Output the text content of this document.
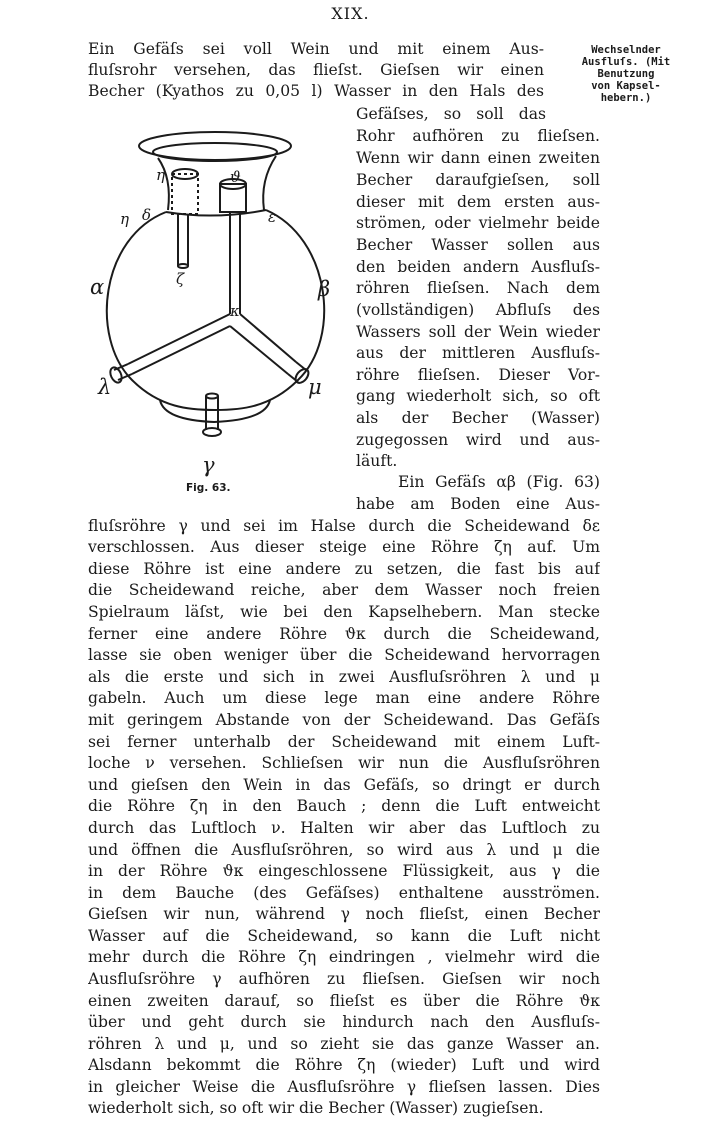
XIX.
Wechselnder
Ausfluſs. (Mit
Benutzung
von Kapsel-
hebern.)
η	ϑ
η δ	ε
ζ
α	β
κ
λ	μ
γ
Fig. 63.
Ein Gefäſs sei voll Wein und mit einem Aus-
fluſsrohr versehen, das flieſst. Gieſsen wir einen
Becher (Kyathos zu 0,05 l) Wasser in den Hals des
Gefäſses, so soll das
Rohr aufhören zu flieſsen.
Wenn wir dann einen zweiten
Becher daraufgieſsen, soll
dieser mit dem ersten aus-
strömen, oder vielmehr beide
Becher Wasser sollen aus
den beiden andern Ausfluſs-
röhren flieſsen. Nach dem
(vollständigen) Abfluſs des
Wassers soll der Wein wieder
aus der mittleren Ausfluſs-
röhre flieſsen. Dieser Vor-
gang wiederholt sich, so oft
als der Becher (Wasser)
zugegossen wird und aus-
läuft.
Ein Gefäſs αβ (Fig. 63)
habe am Boden eine Aus-
fluſsröhre γ und sei im Halse durch die Scheidewand δε
verschlossen. Aus dieser steige eine Röhre ζη auf. Um
diese Röhre ist eine andere zu setzen, die fast bis auf
die Scheidewand reiche, aber dem Wasser noch freien
Spielraum läſst, wie bei den Kapselhebern. Man stecke
ferner eine andere Röhre ϑκ durch die Scheidewand,
lasse sie oben weniger über die Scheidewand hervorragen
als die erste und sich in zwei Ausfluſsröhren λ und μ
gabeln. Auch um diese lege man eine andere Röhre
mit geringem Abstande von der Scheidewand. Das Gefäſs
sei ferner unterhalb der Scheidewand mit einem Luft-
loche ν versehen. Schlieſsen wir nun die Ausfluſsröhren
und gieſsen den Wein in das Gefäſs, so dringt er durch
die Röhre ζη in den Bauch ; denn die Luft entweicht
durch das Luftloch ν. Halten wir aber das Luftloch zu
und öffnen die Ausfluſsröhren, so wird aus λ und μ die
in der Röhre ϑκ eingeschlossene Flüssigkeit, aus γ die
in dem Bauche (des Gefäſses) enthaltene ausströmen.
Gieſsen wir nun, während γ noch flieſst, einen Becher
Wasser auf die Scheidewand, so kann die Luft nicht
mehr durch die Röhre ζη eindringen , vielmehr wird die
Ausfluſsröhre γ aufhören zu flieſsen. Gieſsen wir noch
einen zweiten darauf, so flieſst es über die Röhre ϑκ
über und geht durch sie hindurch nach den Ausfluſs-
röhren λ und μ, und so zieht sie das ganze Wasser an.
Alsdann bekommt die Röhre ζη (wieder) Luft und wird
in gleicher Weise die Ausfluſsröhre γ flieſsen lassen. Dies
wiederholt sich, so oft wir die Becher (Wasser) zugieſsen.
